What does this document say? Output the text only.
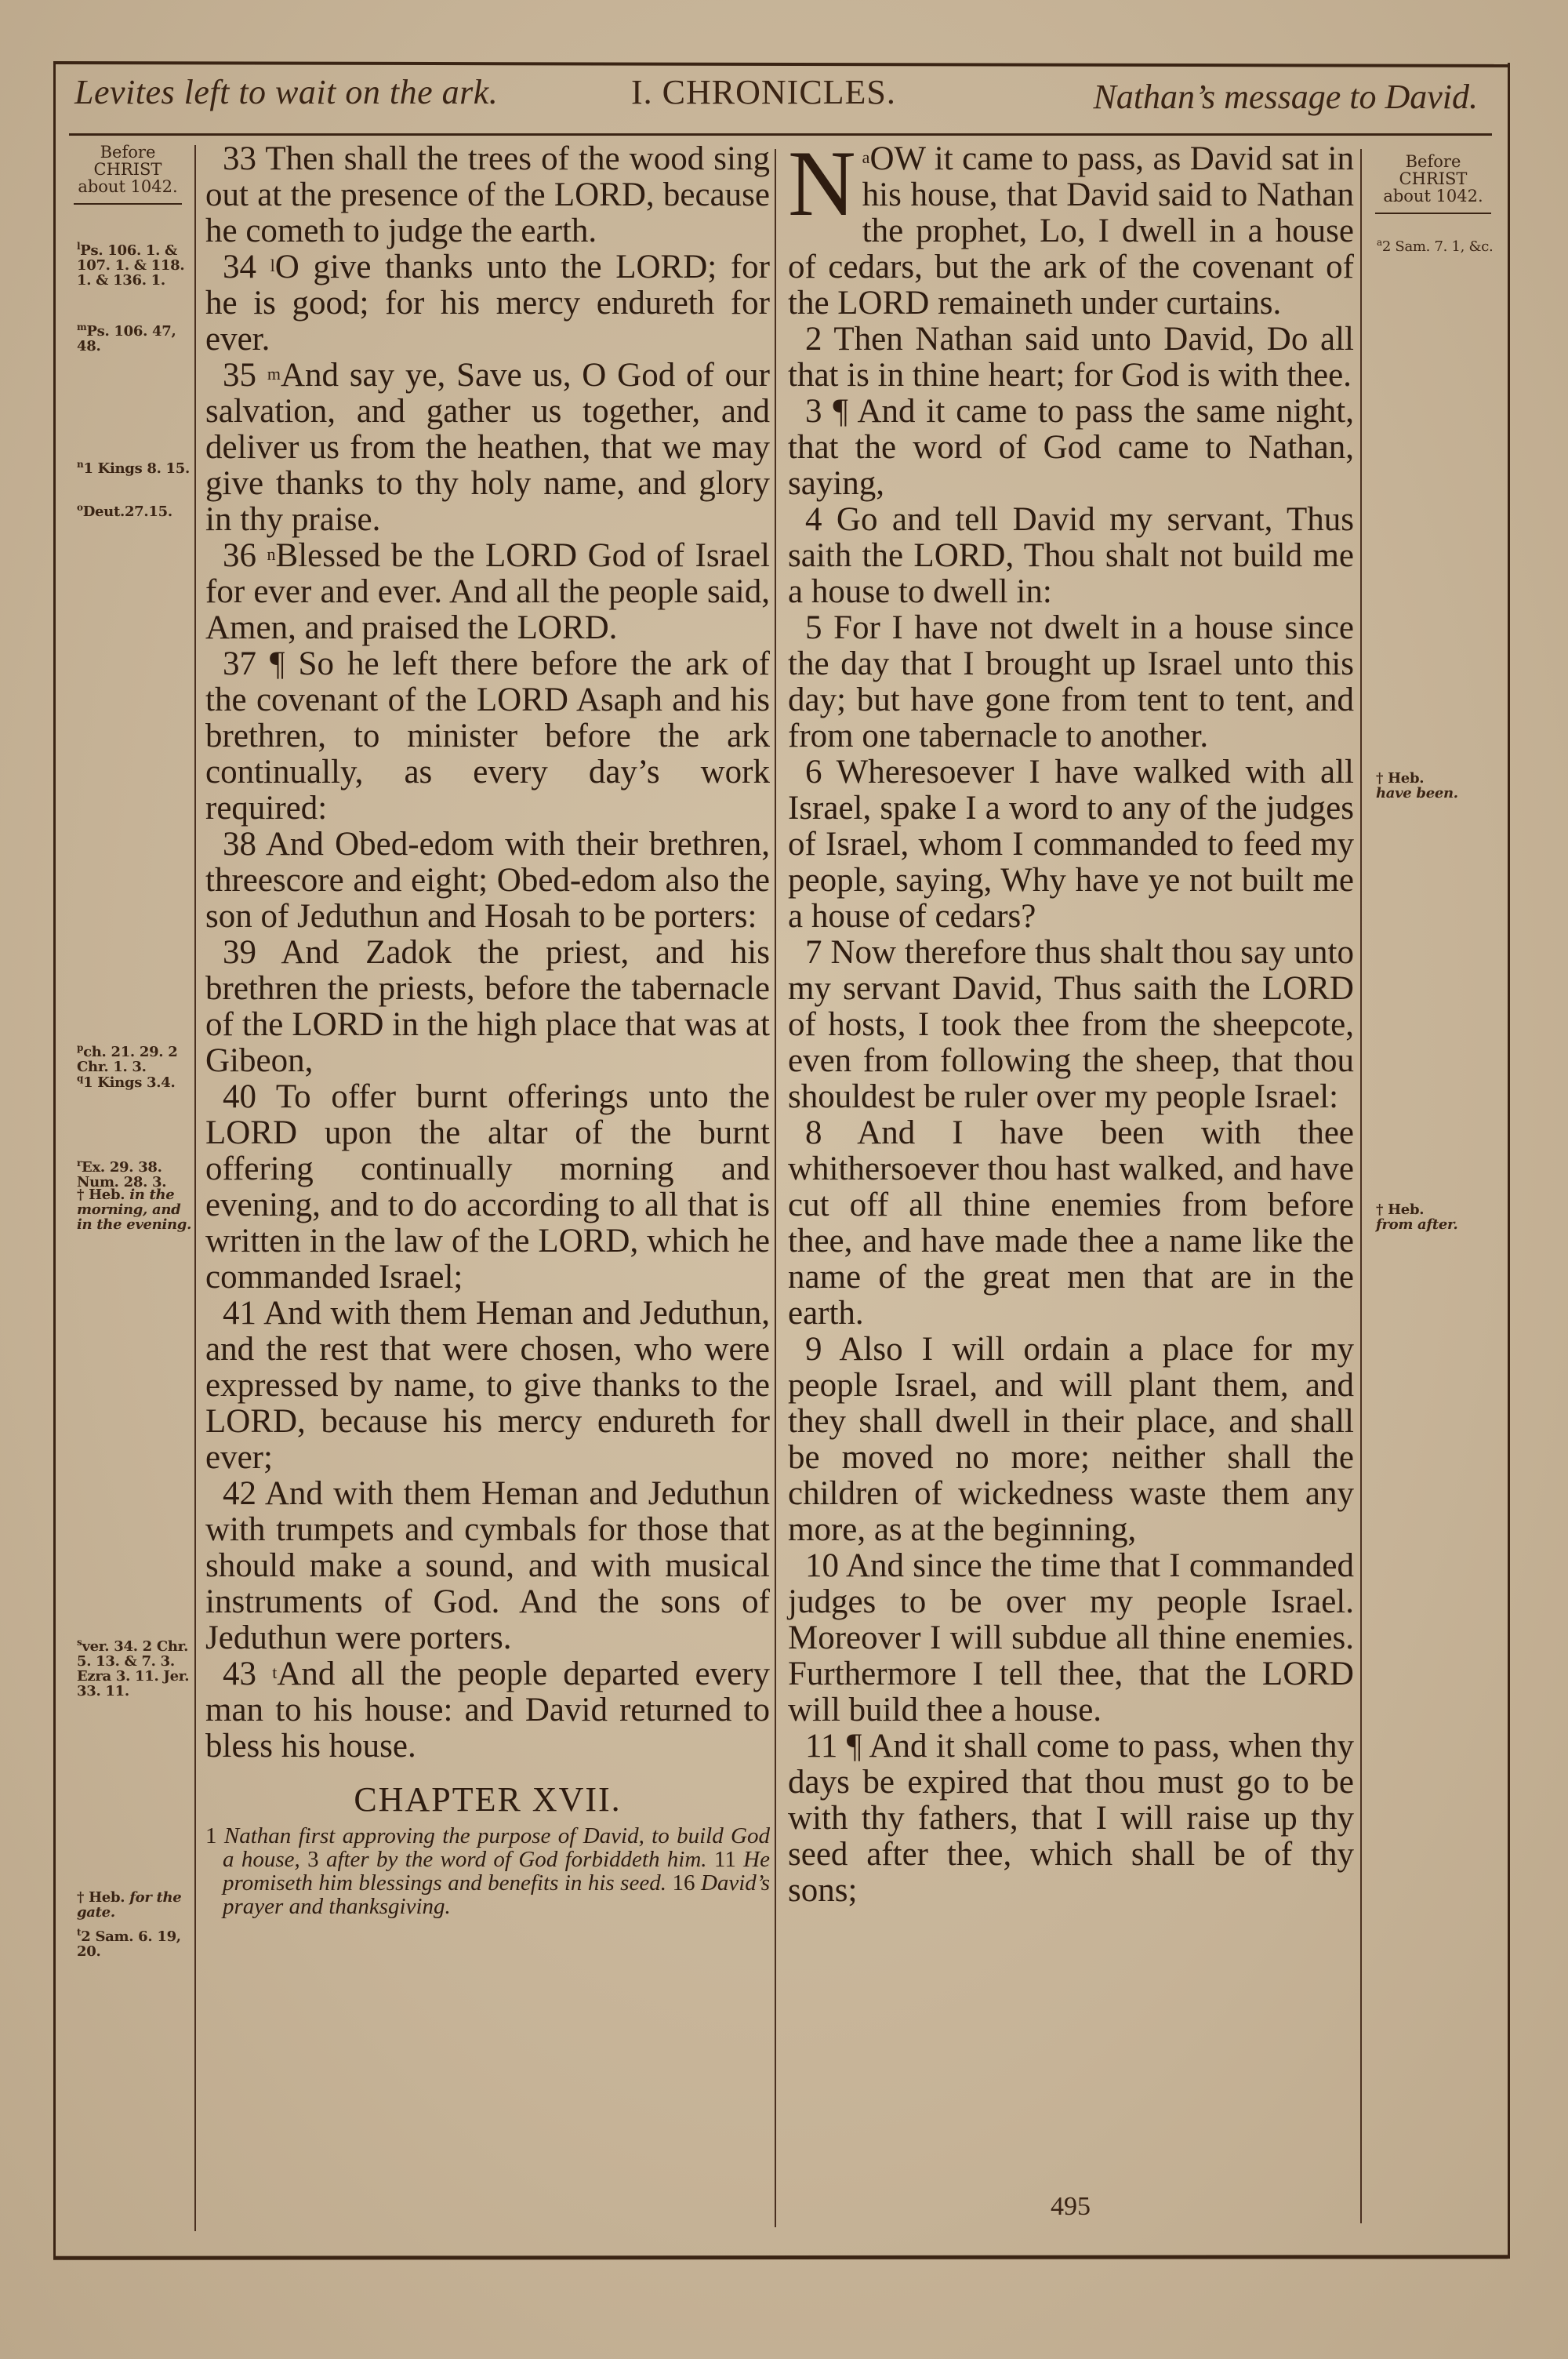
Levites left to wait on the ark.	I. CHRONICLES.	Nathan’s message to David.
Before
CHRIST
about 1042.
$^l$Ps. 106. 1. & 107. 1. & 118. 1. & 136. 1.
$^m$Ps. 106. 47, 48.
$^n$1 Kings 8. 15.
$^o$Deut.27.15.
$^p$ch. 21. 29. 2 Chr. 1. 3.
$^q$1 Kings 3.4.
$^r$Ex. 29. 38. Num. 28. 3.
† Heb. in the morning, and in the evening.
$^s$ver. 34. 2 Chr. 5. 13. & 7. 3. Ezra 3. 11. Jer. 33. 11.
† Heb. for the gate.
$^t$2 Sam. 6. 19, 20.

33 Then shall the trees of the wood sing out at the presence of the LORD, because he cometh to judge the earth.

34 $^l$O give thanks unto the LORD; for he is good; for his mercy endureth for ever.

35 $^m$And say ye, Save us, O God of our salvation, and gather us together, and deliver us from the heathen, that we may give thanks to thy holy name, and glory in thy praise.

36 $^n$Blessed be the LORD God of Israel for ever and ever. And all the people said, Amen, and praised the LORD.

37 ¶ So he left there before the ark of the covenant of the LORD Asaph and his brethren, to minister before the ark continually, as every day’s work required:

38 And Obed-edom with their brethren, threescore and eight; Obed-edom also the son of Jeduthun and Hosah to be porters:

39 And Zadok the priest, and his brethren the priests, before the tabernacle of the LORD in the high place that was at Gibeon,

40 To offer burnt offerings unto the LORD upon the altar of the burnt offering continually morning and evening, and to do according to all that is written in the law of the LORD, which he commanded Israel;

41 And with them Heman and Jeduthun, and the rest that were chosen, who were expressed by name, to give thanks to the LORD, because his mercy endureth for ever;

42 And with them Heman and Jeduthun with trumpets and cymbals for those that should make a sound, and with musical instruments of God. And the sons of Jeduthun were porters.

43 $^t$And all the people departed every man to his house: and David returned to bless his house.

CHAPTER XVII.
1 Nathan first approving the purpose of David, to build God a house, 3 after by the word of God forbiddeth him. 11 He promiseth him blessings and benefits in his seed. 16 David’s prayer and thanksgiving.

N $^a$OW it came to pass, as David sat in his house, that David said to Nathan the prophet, Lo, I dwell in a house of cedars, but the ark of the covenant of the LORD remaineth under curtains.

2 Then Nathan said unto David, Do all that is in thine heart; for God is with thee.

3 ¶ And it came to pass the same night, that the word of God came to Nathan, saying,

4 Go and tell David my servant, Thus saith the LORD, Thou shalt not build me a house to dwell in:

5 For I have not dwelt in a house since the day that I brought up Israel unto this day; but have gone from tent to tent, and from one tabernacle to another.

6 Wheresoever I have walked with all Israel, spake I a word to any of the judges of Israel, whom I commanded to feed my people, saying, Why have ye not built me a house of cedars?

7 Now therefore thus shalt thou say unto my servant David, Thus saith the LORD of hosts, I took thee from the sheepcote, even from following the sheep, that thou shouldest be ruler over my people Israel:

8 And I have been with thee whithersoever thou hast walked, and have cut off all thine enemies from before thee, and have made thee a name like the name of the great men that are in the earth.

9 Also I will ordain a place for my people Israel, and will plant them, and they shall dwell in their place, and shall be moved no more; neither shall the children of wickedness waste them any more, as at the beginning,

10 And since the time that I commanded judges to be over my people Israel. Moreover I will subdue all thine enemies. Furthermore I tell thee, that the LORD will build thee a house.

11 ¶ And it shall come to pass, when thy days be expired that thou must go to be with thy fathers, that I will raise up thy seed after thee, which shall be of thy sons;

Before
CHRIST
about 1042.
$^a$2 Sam. 7. 1, &c.
† Heb.
have been.
† Heb.
from after.
495
